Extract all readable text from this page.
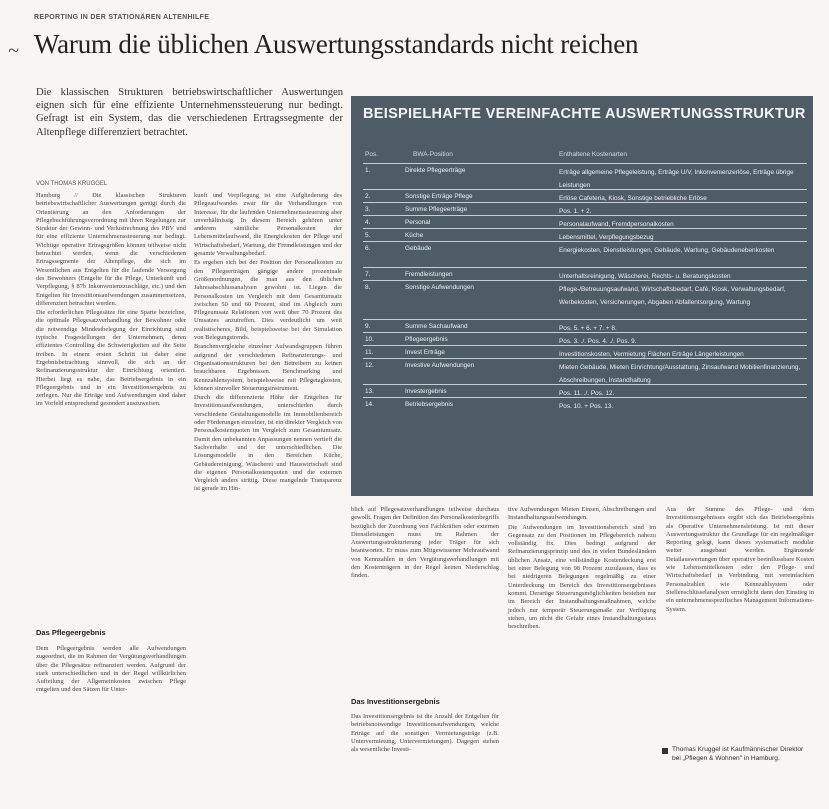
REPORTING IN DER STATIONÄREN ALTENHILFE
~ Warum die üblichen Auswertungsstandards nicht reichen
Die klassischen Strukturen betriebswirtschaftlicher Auswertungen eignen sich für eine effiziente Unternehmenssteuerung nur bedingt. Gefragt ist ein System, das die verschiedenen Ertragssegmente der Altenpflege differenziert betrachtet.
VON THOMAS KRUGGEL
BEISPIELHAFTE VEREINFACHTE AUSWERTUNGSSTRUKTUR
Pos.	BWA-Position	Enthaltene Kostenarten
1.	Direkte Pflegeerträge	Erträge allgemeine Pflegeleistung, Erträge U/V, Inkonvenienzerlöse, Erträge übrige Leistungen
2.	Sonstige Erträge Pflege	Erlöse Cafeteria, Kiosk, Sonstige betriebliche Erlöse
3.	Summe Pflegeerträge	Pos. 1. + 2.
4.	Personal	Personalaufwand, Fremdpersonalkosten
5.	Küche	Lebensmittel, Verpflegungsbezug
6.	Gebäude	Energiekosten, Dienstleistungen, Gebäude, Wartung, Gebäudenebenkosten
7.	Fremdleistungen	Unterhaltsreinigung, Wäscherei, Rechts- u. Beratungskosten
8.	Sonstige Aufwendungen	Pflege-/Betreuungsaufwand, Wirtschaftsbedarf, Café, Kiosk, Verwaltungsbedarf, Werbekosten, Versicherungen, Abgaben Abfallentsorgung, Wartung
9.	Summe Sachaufwand	Pos. 5. + 6. + 7. + 8.
10.	Pflegeergebnis	Pos. 3. ./. Pos. 4. ./. Pos. 9.
11.	Invest Erträge	Investitionskosten, Vermietung Flächen Erträge Längerleistungen
12.	Investive Aufwendungen	Mieten Gebäude, Mieten Einrichtung/Ausstattung, Zinsaufwand Mobilienfinanzierung, Abschreibungen, Instandhaltung
13.	Investergebnis	Pos. 11. ./. Pos. 12.
14.	Betriebsergebnis	Pos. 10. + Pos. 13.
Hamburg // Die klassischen Strukturen betriebswirtschaftlicher Auswertungen genügt durch die Orientierung an den Anforderungen der Pflegebuchführungsverordnung mit ihren Regelungen zur Struktur der Gewinn- und Verlustrechnung des PBV und für eine effiziente Unternehmenssteuerung nur bedingt. Wichtige operative Ertragsgrößen können teilweise nicht betrachtet werden, wenn die verschiedenen Ertragssegmente der Altenpflege, die sich im Wesentlichen aus Entgelten für die laufende Versorgung des Bewohners (Entgelte für die Pflege, Unterkunft und Verpflegung, § 87b Inkonvenienzzuschläge, etc.) und den Entgelten für Investitionsaufwendungen zusammensetzen, differenziert betrachtet werden.
Die erforderlichen Pflegesätze für eine Sparte bezeichne, die optimale Pflegesatzverhandlung der Bewohner oder die notwendige Mindestbelegung der Einrichtung sind typische Fragestellungen der Unternehmen, deren effizientes Controlling die Schwierigkeiten auf die Seite treiben. In einem ersten Schritt ist daher eine Ergebnisbetrachtung sinnvoll, die sich an der Refinanzierungsstruktur der Einrichtung orientiert. Hierbei liegt es nahe, das Betriebsergebnis in ein Pflegeergebnis und in ein Investitionsergebnis zu zerlegen. Nur die Erträge und Aufwendungen sind daher im Vorfeld entsprechend gesondert auszuweisen.
Das Pflegeergebnis
Dem Pflegeergebnis werden alle Aufwendungen zugeordnet, die im Rahmen der Vergütungsverhandlungen über die Pflegesätze refinanziert werden. Aufgrund der stark unterschiedlichen und in der Regel willkürlichen Aufteilung der Allgemeinkosten zwischen Pflege entgelten und den Sätzen für Unter-
kunft und Verpflegung ist eine Aufgliederung des Pflegeaufwandes zwar für die Verhandlungen von Interesse, für die laufenden Unternehmenssteuerung aber unverhältnissig. In diesem Bereich gehören unter anderem sämtliche Personalkosten der Lebensmittelaufwand, die Energiekosten der Pflege und Wirtschaftsbedarf, Wartung, die Fremdleistungen und der gesamte Verwaltungsbedarf.
Es ergeben sich bei der Position der Personalkosten zu den Pflegeerträgen gängige andere prozentuale Größenordnungen, die man aus den üblichen Jahresabschlussanalysen gewohnt ist. Liegen die Personalkosten im Vergleich mit dem Gesamtumsatz zwischen 50 und 60 Prozent, sind im Abgleich zum Pflegeumsatz Relationen von weit über 70 Prozent des Umsatzes anzutreffen. Dies verdeutlicht um weit realistischeres, Bild, beispielsweise bei der Simulation von Belegungstrends.
Branchenvergleiche einzelner Aufwandsgruppen führen aufgrund der verschiedenen Refinanzierungs- und Organisationsstrukturen bei den Betreibern zu keinen brauchbaren Ergebnissen. Benchmarking und Kennzahlensystem, beispielsweise mit Pflegetagkosten, können sinnvoller Steuerungsinstrument.
Durch die differenzierte Höhe der Entgelten für Investitionsaufwendungen, unterschieden durch verschiedene Gestaltungsmodelle im Immobilienbereich oder Förderungen einzelner, ist ein direkter Vergleich von Personalkostenquoten im Vergleich zum Gesamtumsatz. Damit den unbekannten Anpassungen nennen vertieft die Sachverhalte und der unterschiedlichen. Die Lösungsmodelle in den Bereichen Küche, Gebäudereinigung, Wäscherei und Hauswirtschaft sind die eigenen Personalkostenquoten und die externen Vergleich anders strittig. Diese mangelnde Transparenz ist gerade im Hin-
blick auf Pflegesatzverhandlungen teilweise durchaus gewollt. Fragen der Definition des Personalkostenbegriffs bezüglich der Zuordnung von Fachkräften oder externen Dienstleistungen muss im Rahmen der Auswertungsstrukturierung jeder Träger für sich beantworten. Er muss zum Mitgewissener Mehraufwand von Kennzahlen in den Vergütungsverhandlungen mit den Kostenträgern in der Regel keinen Niederschlag finden.
Das Investitionsergebnis
Das Investitionsergebnis ist die Anzahl der Entgelten für betriebsnotwendige Investitionsaufwendungen, welche Erträge auf die sonstigen Vermietungsträge (z.B. Untervermietung, Untervermietungen). Dagegen stehen als wesentliche Investi-
tive Aufwendungen Mieten Einsen, Abschreibungen und Instandhaltungsaufwendungen.
Die Aufwendungen im Investitionsbereich sind im Gegensatz zu den Positionen im Pflegebereich nahezu vollständig fix. Dies bedingt aufgrund der Refinanzierungsprinzip und des in vielen Bundesländern üblichen Ansatz, eine vollständige Kostendeckung erst bei einer Belegung von 98 Prozent zuzulassen, dass es bei niedrigeren Belegungen regelmäßig zu einer Unterdeckung im Bereich des Investitionsergebnisses kommt. Derartige Steuerungsmöglichkeiten bestehen nur im Bereich der Instandhaltungsmaßnahmen, welche jedoch nur temporär Steuerungsmaße zur Verfügung stehen, um nicht die Gefahr eines Instandhaltungsstaus beschreiben.
Aus der Summe des Pflege- und dem Investitionsergebnisses ergibt sich das Betriebsergebnis als Operative Unternehmensleistung. Ist mit dieser Auswertungsstruktur die Grundlage für ein regelmäßiger Reporting gelegt, kann dieses systematisch modular weiter ausgebaut werden. Ergänzende Detailauswertungen über operative beeinflussbare Kosten wie Lebensmittelkosten oder den Pflege- und Wirtschaftsbedarf in Verbindung mit vereinfachten Personalzahlen wie Kennzahlsystem oder Stellenschlüsselanalysen ermöglicht dann den Einstieg in ein unternehmensspezifisches Management Informations-System.
Thomas Kruggel ist Kaufmännischer Direktor bei „Pflegen & Wohnen" in Hamburg.
